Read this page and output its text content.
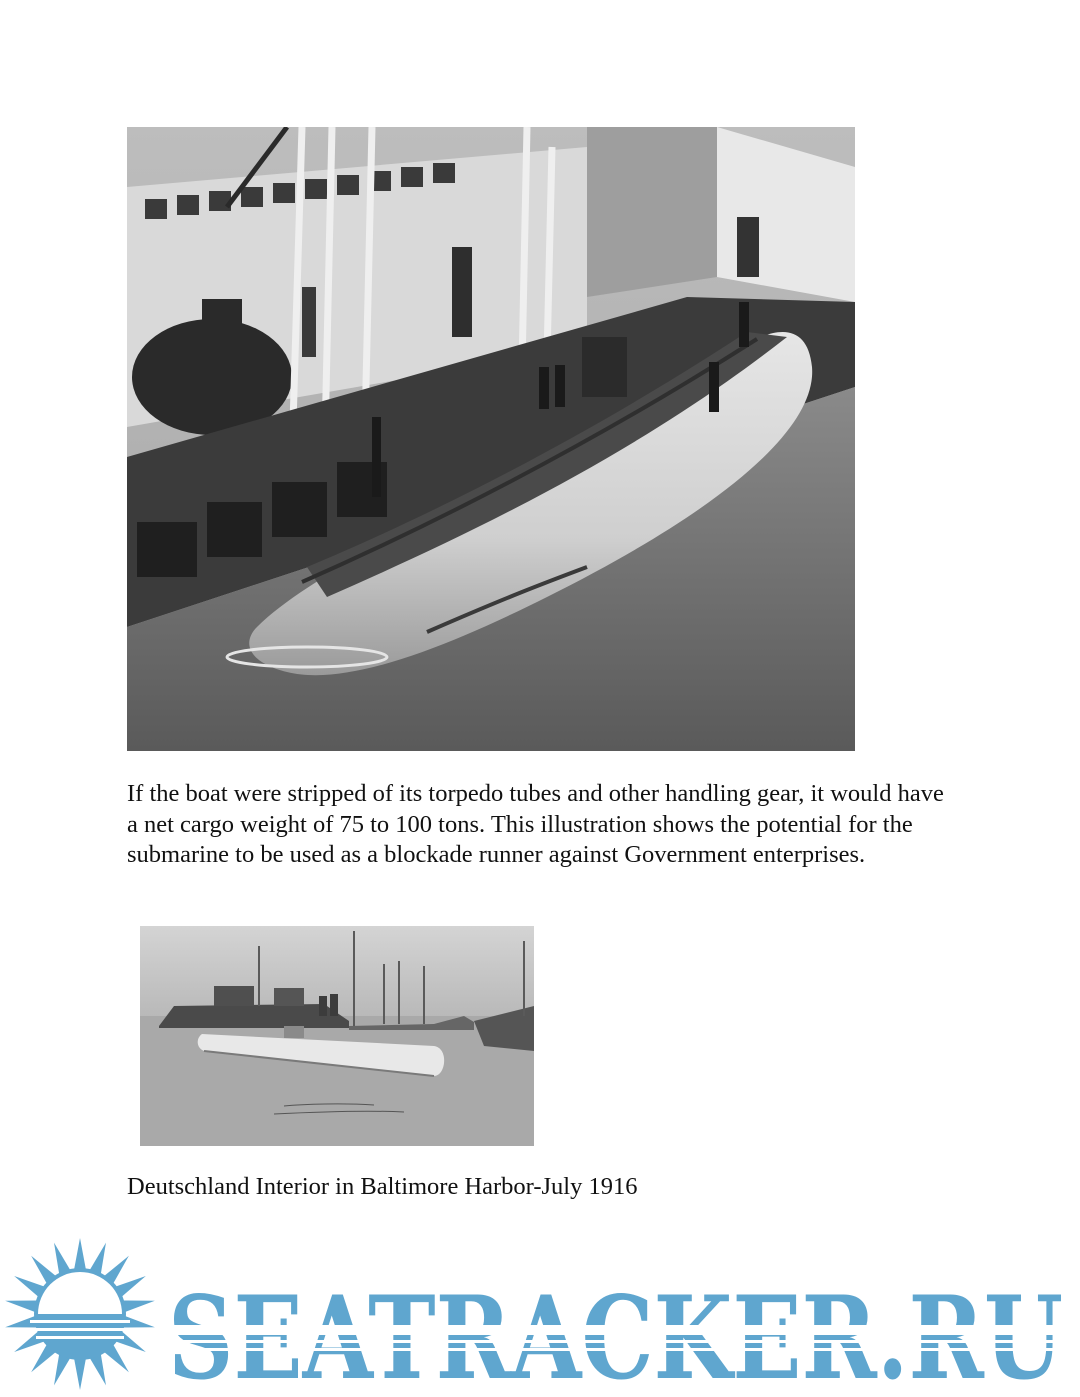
If the boat were stripped of its torpedo tubes and other handling gear, it would have a net cargo weight of 75 to 100 tons. This illustration shows the potential for the submarine to be used as a blockade runner against Government enterprises.

Deutschland Interior in Baltimore Harbor-July 1916
